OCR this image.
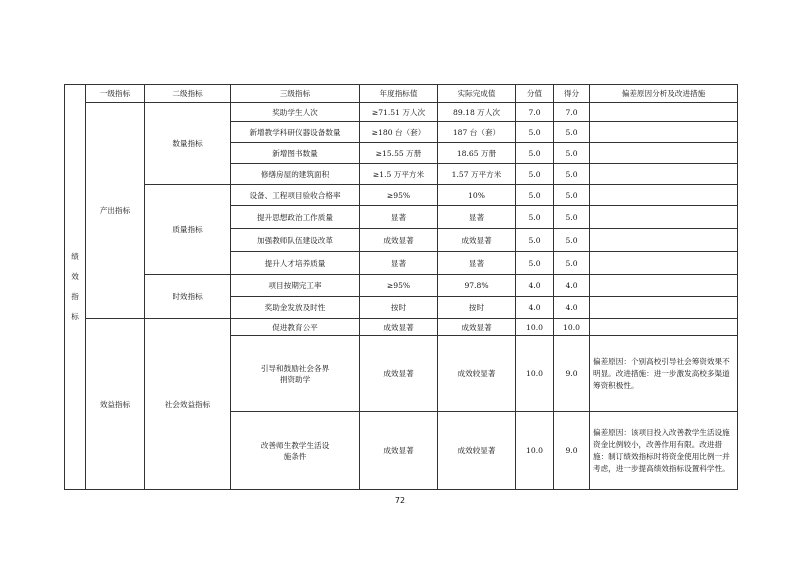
绩效指标	一级指标	二级指标	三级指标	年度指标值	实际完成值	分值	得分	偏差原因分析及改进措施
	产出指标	数量指标	奖助学生人次	≥71.51 万人次	89.18 万人次	7.0	7.0	
			新增教学科研仪器设备数量	≥180 台（套）	187 台（套）	5.0	5.0	
			新增图书数量	≥15.55 万册	18.65 万册	5.0	5.0	
			修缮房屋的建筑面积	≥1.5 万平方米	1.57 万平方米	5.0	5.0	
		质量指标	设备、工程项目验收合格率	≥95%	10%	5.0	5.0	
			提升思想政治工作质量	显著	显著	5.0	5.0	
			加强教师队伍建设改革	成效显著	成效显著	5.0	5.0	
			提升人才培养质量	显著	显著	5.0	5.0	
		时效指标	项目按期完工率	≥95%	97.8%	4.0	4.0	
			奖助金发放及时性	按时	按时	4.0	4.0	
	效益指标	社会效益指标	促进教育公平	成效显著	成效显著	10.0	10.0	
			引导和鼓励社会各界捐资助学	成效显著	成效较显著	10.0	9.0	偏差原因：个别高校引导社会筹资效果不明显。改进措施：进一步激发高校多渠道筹资积极性。
			改善师生教学生活设施条件	成效显著	成效较显著	10.0	9.0	偏差原因：该项目投入改善教学生活设施资金比例较小，改善作用有限。改进措施：制订绩效指标时将资金使用比例一并考虑，进一步提高绩效指标设置科学性。
72
